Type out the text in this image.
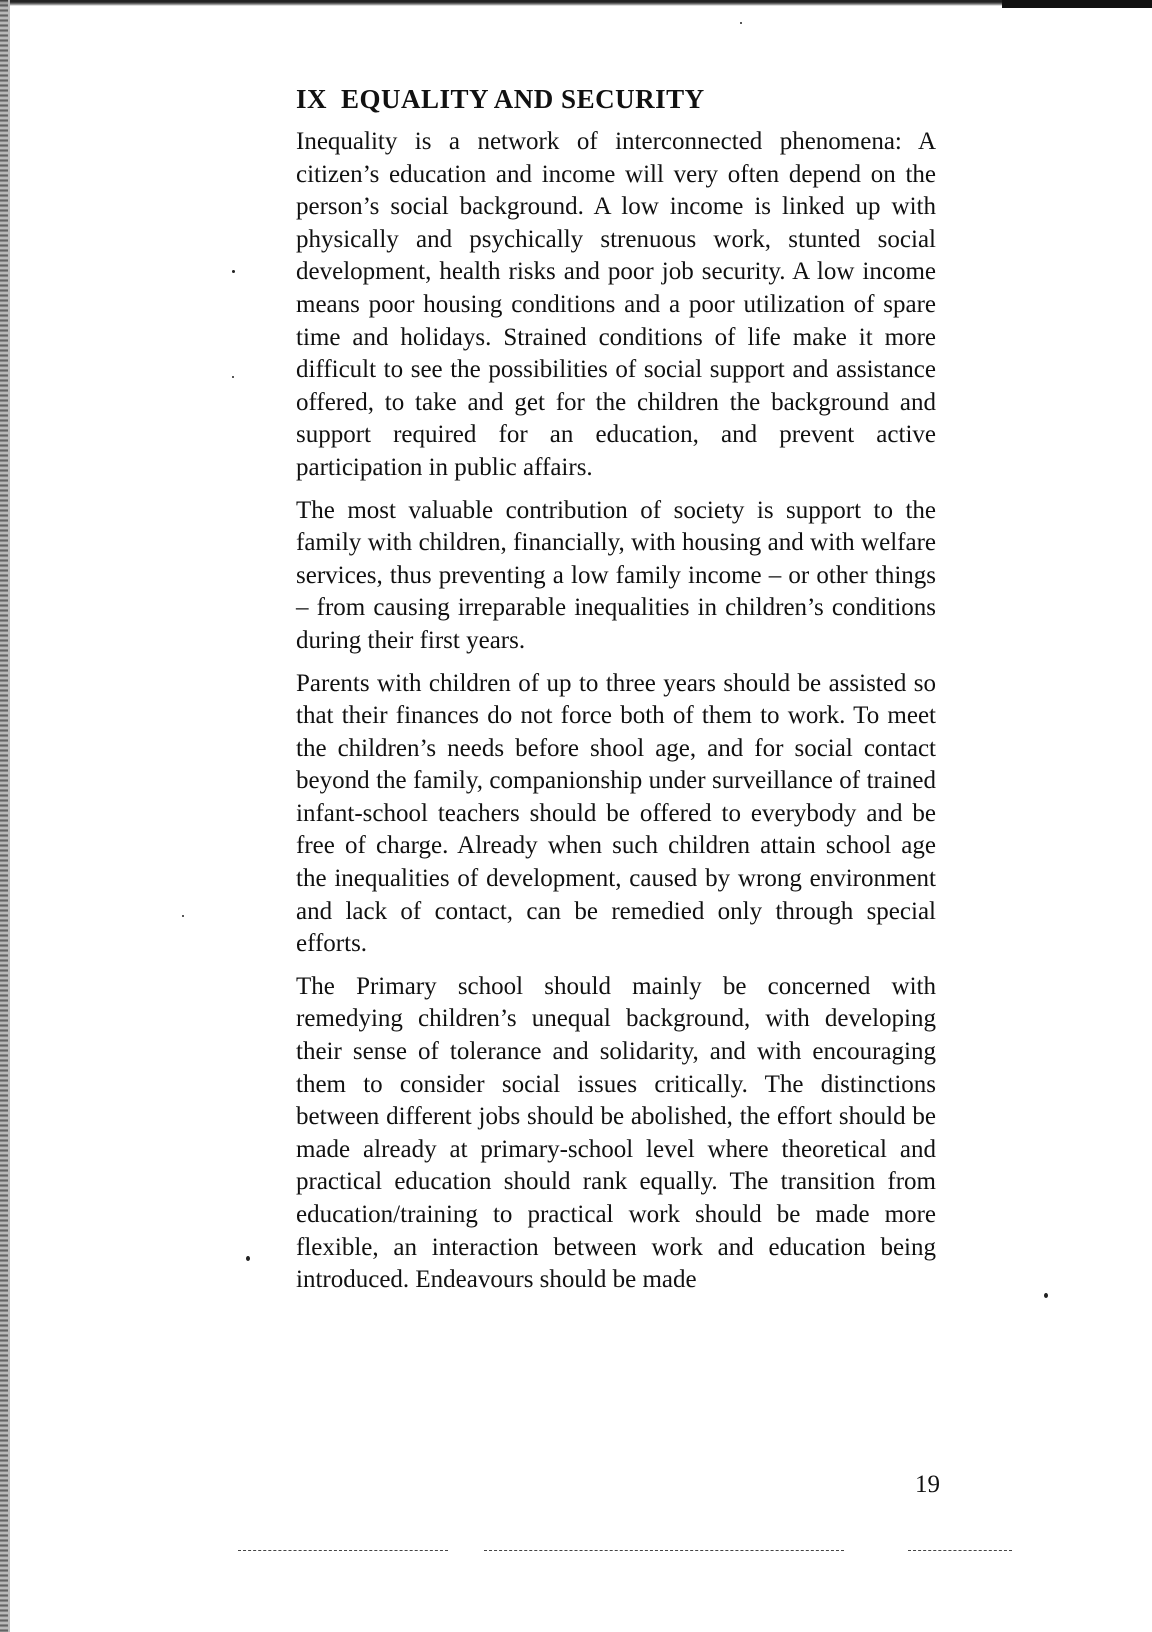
IX EQUALITY AND SECURITY

Inequality is a network of interconnected phenomena: A citizen’s education and income will very often depend on the person’s social background. A low income is linked up with physically and psychically strenuous work, stunted social development, health risks and poor job security. A low income means poor housing conditions and a poor utilization of spare time and holidays. Strained conditions of life make it more difficult to see the possibilities of social support and assistance offered, to take and get for the children the background and support required for an education, and prevent active participation in public affairs.

The most valuable contribution of society is support to the family with children, financially, with housing and with welfare services, thus preventing a low family income – or other things – from causing irreparable inequalities in children’s conditions during their first years.

Parents with children of up to three years should be assisted so that their finances do not force both of them to work. To meet the children’s needs before shool age, and for social contact beyond the family, companionship under surveillance of trained infant-school teachers should be offered to everybody and be free of charge. Already when such children attain school age the inequalities of development, caused by wrong environment and lack of contact, can be remedied only through special efforts.

The Primary school should mainly be concerned with remedying children’s unequal background, with developing their sense of tolerance and solidarity, and with encouraging them to consider social issues critically. The distinctions between different jobs should be abolished, the effort should be made already at primary-school level where theoretical and practical education should rank equally. The transition from education/training to practical work should be made more flexible, an interaction between work and education being introduced. Endeavours should be made

19
